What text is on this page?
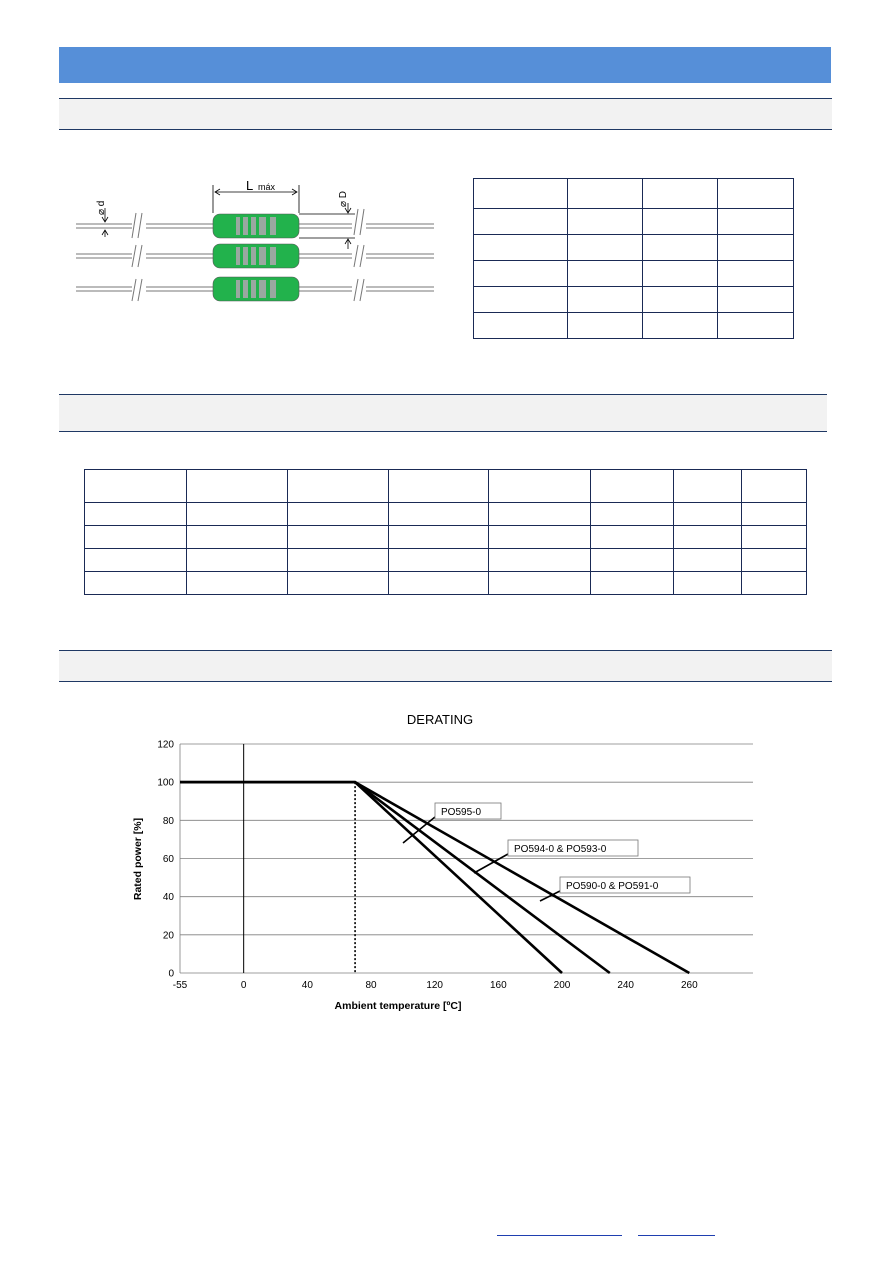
L máx
⌀ d
⌀ D

DERATING
0
20
40
60
80
100
120
-55	0	40	80	120	160	200	240	260
PO595-0
PO594-0 & PO593-0
PO590-0 & PO591-0
Ambient temperature [ºC]
Rated power [%]
